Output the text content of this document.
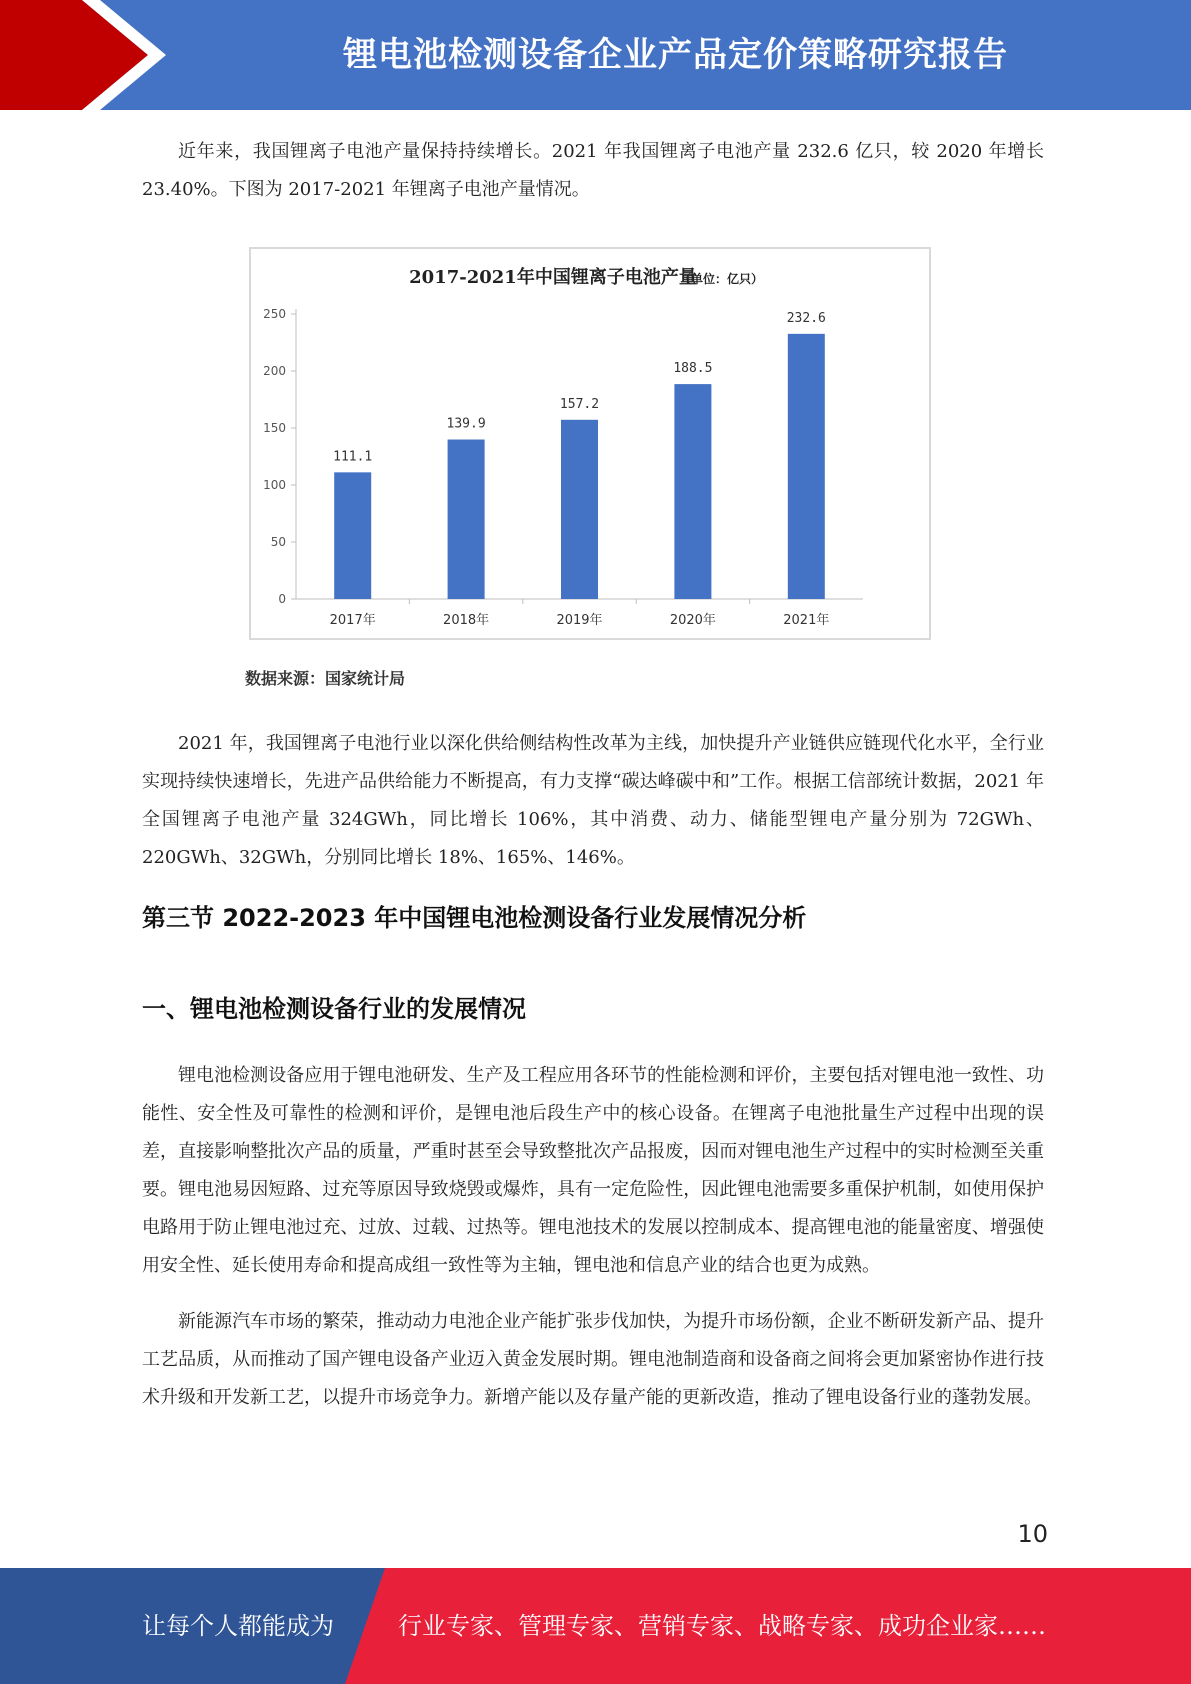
锂电池检测设备企业产品定价策略研究报告

近年来，我国锂离子电池产量保持持续增长。2021 年我国锂离子电池产量 232.6 亿只，较 2020 年增长 23.40%。下图为 2017-2021 年锂离子电池产量情况。

2017-2021年中国锂离子电池产量
（单位：亿只）
0
50
100
150
200
250
111.1
2017年
139.9
2018年
157.2
2019年
188.5
2020年
232.6
2021年
数据来源：国家统计局

2021 年，我国锂离子电池行业以深化供给侧结构性改革为主线，加快提升产业链供应链现代化水平，全行业实现持续快速增长，先进产品供给能力不断提高，有力支撑“碳达峰碳中和”工作。根据工信部统计数据，2021 年全国锂离子电池产量 324GWh，同比增长 106%，其中消费、动力、储能型锂电产量分别为 72GWh、220GWh、32GWh，分别同比增长 18%、165%、146%。

第三节 2022-2023 年中国锂电池检测设备行业发展情况分析
一、锂电池检测设备行业的发展情况

锂电池检测设备应用于锂电池研发、生产及工程应用各环节的性能检测和评价，主要包括对锂电池一致性、功能性、安全性及可靠性的检测和评价，是锂电池后段生产中的核心设备。在锂离子电池批量生产过程中出现的误差，直接影响整批次产品的质量，严重时甚至会导致整批次产品报废，因而对锂电池生产过程中的实时检测至关重要。锂电池易因短路、过充等原因导致烧毁或爆炸，具有一定危险性，因此锂电池需要多重保护机制，如使用保护电路用于防止锂电池过充、过放、过载、过热等。锂电池技术的发展以控制成本、提高锂电池的能量密度、增强使用安全性、延长使用寿命和提高成组一致性等为主轴，锂电池和信息产业的结合也更为成熟。

新能源汽车市场的繁荣，推动动力电池企业产能扩张步伐加快，为提升市场份额，企业不断研发新产品、提升工艺品质，从而推动了国产锂电设备产业迈入黄金发展时期。锂电池制造商和设备商之间将会更加紧密协作进行技术升级和开发新工艺，以提升市场竞争力。新增产能以及存量产能的更新改造，推动了锂电设备行业的蓬勃发展。

10
让每个人都能成为	行业专家、管理专家、营销专家、战略专家、成功企业家……
